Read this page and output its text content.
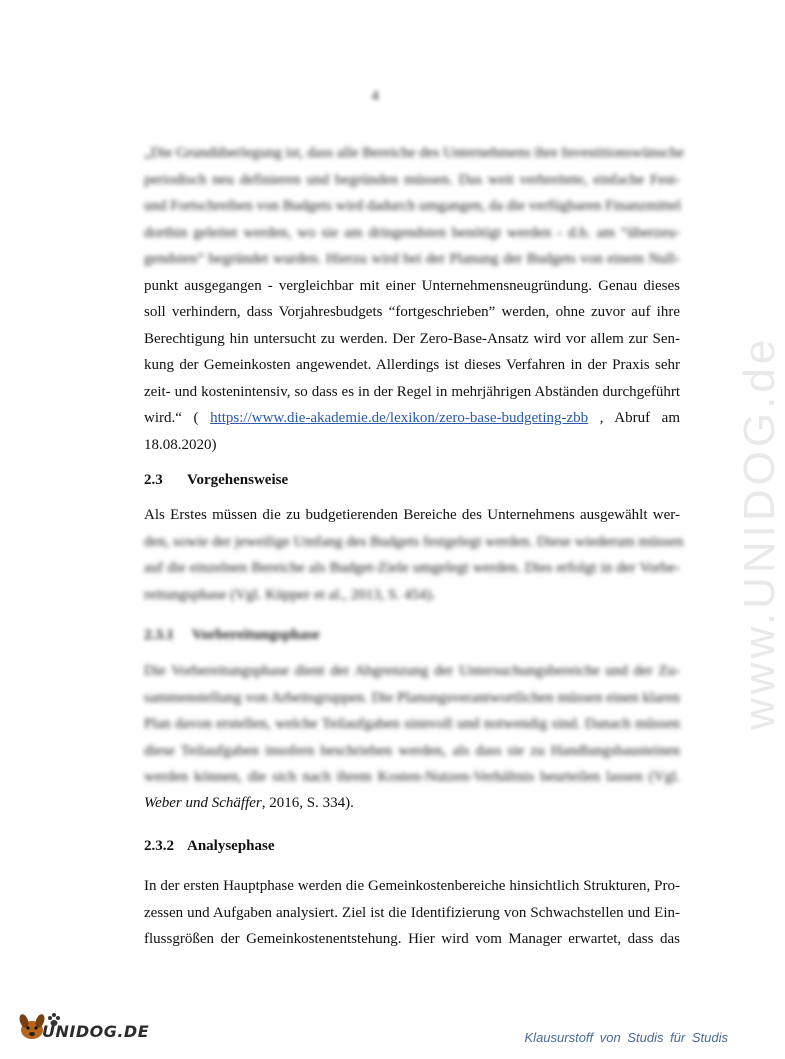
www.UNIDOG.de
4
„Die Grundüberlegung ist, dass alle Bereiche des Unternehmens ihre Investitionswünsche
periodisch neu definieren und begründen müssen. Das weit verbreitete, einfache Fest-
und Fortschreiben von Budgets wird dadurch umgangen, da die verfügbaren Finanzmittel
dorthin geleitet werden, wo sie am dringendsten benötigt werden - d.h. am “überzeu-
gendsten” begründet wurden. Hierzu wird bei der Planung der Budgets von einem Null-
punkt ausgegangen - vergleichbar mit einer Unternehmensneugründung. Genau dieses
soll verhindern, dass Vorjahresbudgets “fortgeschrieben” werden, ohne zuvor auf ihre
Berechtigung hin untersucht zu werden. Der Zero-Base-Ansatz wird vor allem zur Sen-
kung der Gemeinkosten angewendet. Allerdings ist dieses Verfahren in der Praxis sehr
zeit- und kostenintensiv, so dass es in der Regel in mehrjährigen Abständen durchgeführt
wird.“ ( https://www.die-akademie.de/lexikon/zero-base-budgeting-zbb , Abruf am
18.08.2020)
2.3 Vorgehensweise
Als Erstes müssen die zu budgetierenden Bereiche des Unternehmens ausgewählt wer-
den, sowie der jeweilige Umfang des Budgets festgelegt werden. Diese wiederum müssen
auf die einzelnen Bereiche als Budget-Ziele umgelegt werden. Dies erfolgt in der Vorbe-
reitungsphase (Vgl. Küpper et al., 2013, S. 454).
2.3.1 Vorbereitungsphase
Die Vorbereitungsphase dient der Abgrenzung der Untersuchungsbereiche und der Zu-
sammenstellung von Arbeitsgruppen. Die Planungsverantwortlichen müssen einen klaren
Plan davon erstellen, welche Teilaufgaben sinnvoll und notwendig sind. Danach müssen
diese Teilaufgaben insofern beschrieben werden, als dass sie zu Handlungsbausteinen
werden können, die sich nach ihrem Kosten-Nutzen-Verhältnis beurteilen lassen (Vgl.
Weber und Schäffer, 2016, S. 334).
2.3.2 Analysephase
In der ersten Hauptphase werden die Gemeinkostenbereiche hinsichtlich Strukturen, Pro-
zessen und Aufgaben analysiert. Ziel ist die Identifizierung von Schwachstellen und Ein-
flussgrößen der Gemeinkostenentstehung. Hier wird vom Manager erwartet, dass das
UNIDOG.DE	Klausurstoff von Studis für Studis
